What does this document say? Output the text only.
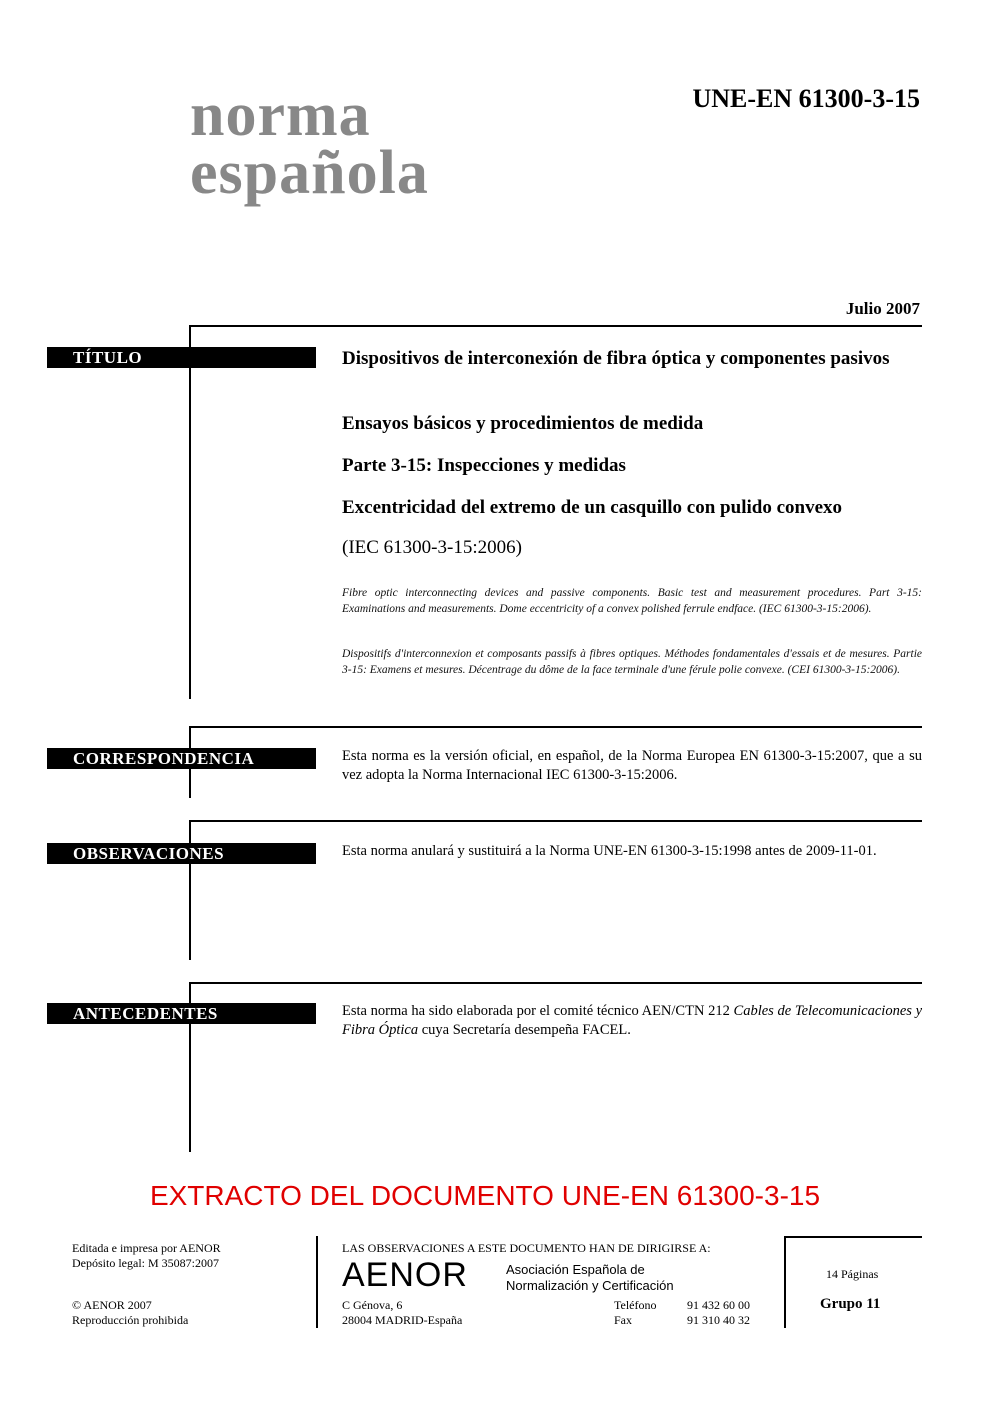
norma
española
UNE-EN 61300-3-15
Julio 2007
TÍTULO	Dispositivos de interconexión de fibra óptica y componentes pasivos
Ensayos básicos y procedimientos de medida
Parte 3-15: Inspecciones y medidas
Excentricidad del extremo de un casquillo con pulido convexo
(IEC 61300-3-15:2006)
Fibre optic interconnecting devices and passive components. Basic test and measurement procedures. Part 3-15: Examinations and measurements. Dome eccentricity of a convex polished ferrule endface. (IEC 61300-3-15:2006).
Dispositifs d'interconnexion et composants passifs à fibres optiques. Méthodes fondamentales d'essais et de mesures. Partie 3-15: Examens et mesures. Décentrage du dôme de la face terminale d'une férule polie convexe. (CEI 61300-3-15:2006).
CORRESPONDENCIA	Esta norma es la versión oficial, en español, de la Norma Europea EN 61300-3-15:2007, que a su vez adopta la Norma Internacional IEC 61300-3-15:2006.
OBSERVACIONES	Esta norma anulará y sustituirá a la Norma UNE-EN 61300-3-15:1998 antes de 2009-11-01.
ANTECEDENTES	Esta norma ha sido elaborada por el comité técnico AEN/CTN 212 Cables de Telecomunicaciones y Fibra Óptica cuya Secretaría desempeña FACEL.
EXTRACTO DEL DOCUMENTO UNE-EN 61300-3-15
Editada e impresa por AENOR
Depósito legal: M 35087:2007
© AENOR 2007
Reproducción prohibida
LAS OBSERVACIONES A ESTE DOCUMENTO HAN DE DIRIGIRSE A:
AENOR	Asociación Española de
Normalización y Certificación
C Génova, 6
28004 MADRID-España
Teléfono	91 432 60 00
Fax	91 310 40 32
14 Páginas
Grupo 11
